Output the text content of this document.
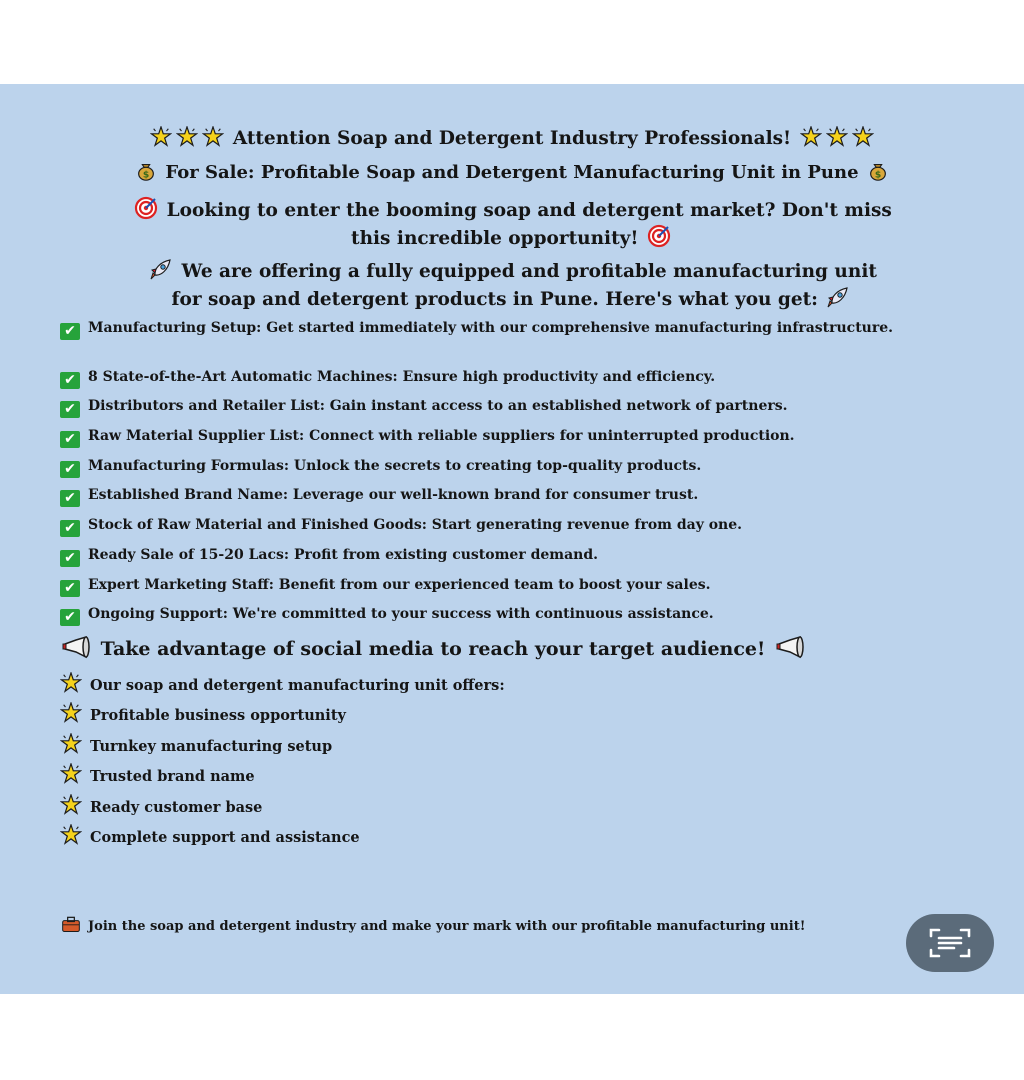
Attention Soap and Detergent Industry Professionals!

For Sale: Profitable Soap and Detergent Manufacturing Unit in Pune

Looking to enter the booming soap and detergent market? Don't miss
this incredible opportunity!

We are offering a fully equipped and profitable manufacturing unit
for soap and detergent products in Pune. Here's what you get:

✔ Manufacturing Setup: Get started immediately with our comprehensive manufacturing infrastructure.

✔ 8 State-of-the-Art Automatic Machines: Ensure high productivity and efficiency.

✔ Distributors and Retailer List: Gain instant access to an established network of partners.

✔ Raw Material Supplier List: Connect with reliable suppliers for uninterrupted production.

✔ Manufacturing Formulas: Unlock the secrets to creating top-quality products.

✔ Established Brand Name: Leverage our well-known brand for consumer trust.

✔ Stock of Raw Material and Finished Goods: Start generating revenue from day one.

✔ Ready Sale of 15-20 Lacs: Profit from existing customer demand.

✔ Expert Marketing Staff: Benefit from our experienced team to boost your sales.

✔ Ongoing Support: We're committed to your success with continuous assistance.

Take advantage of social media to reach your target audience!
Our soap and detergent manufacturing unit offers:
Profitable business opportunity
Turnkey manufacturing setup
Trusted brand name
Ready customer base
Complete support and assistance
Join the soap and detergent industry and make your mark with our profitable manufacturing unit!
